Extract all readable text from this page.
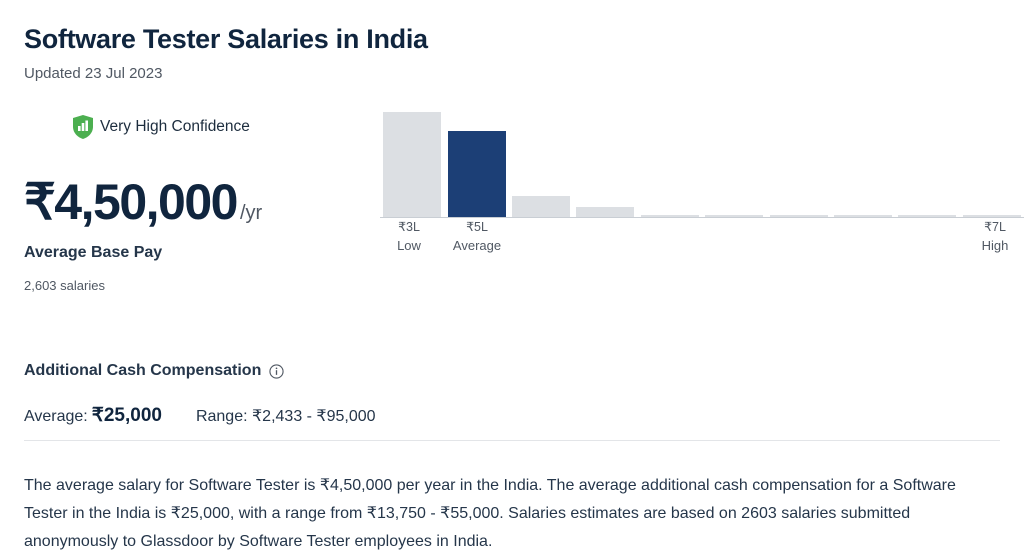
Software Tester Salaries in India
Updated 23 Jul 2023
Very High Confidence
₹4,50,000 /yr
Average Base Pay
2,603 salaries
₹3L
Low
₹5L
Average
₹7L
High
Additional Cash Compensation
Average: ₹25,000 Range: ₹2,433 - ₹95,000

The average salary for Software Tester is ₹4,50,000 per year in the India. The average additional cash compensation for a Software Tester in the India is ₹25,000, with a range from ₹13,750 - ₹55,000. Salaries estimates are based on 2603 salaries submitted anonymously to Glassdoor by Software Tester employees in India.
